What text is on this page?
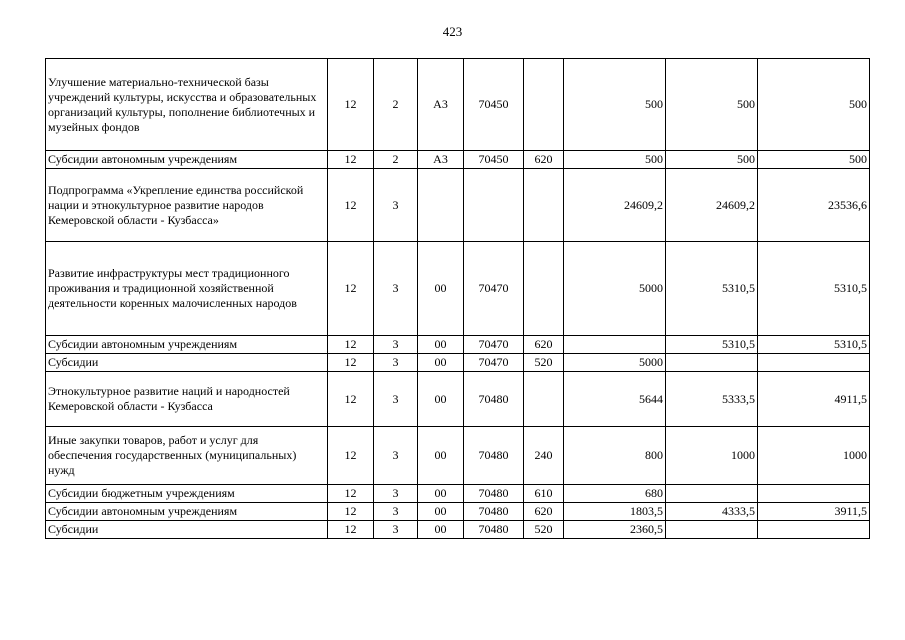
423
Улучшение материально-технической базы учреждений культуры, искусства и образовательных организаций культуры, пополнение библиотечных и музейных фондов	12	2	А3	70450		500	500	500
Субсидии автономным учреждениям	12	2	А3	70450	620	500	500	500
Подпрограмма «Укрепление единства российской нации и этнокультурное развитие народов Кемеровской области - Кузбасса»	12	3				24609,2	24609,2	23536,6
Развитие инфраструктуры мест традиционного проживания и традиционной хозяйственной деятельности коренных малочисленных народов	12	3	00	70470		5000	5310,5	5310,5
Субсидии автономным учреждениям	12	3	00	70470	620		5310,5	5310,5
Субсидии	12	3	00	70470	520	5000		
Этнокультурное развитие наций и народностей Кемеровской области - Кузбасса	12	3	00	70480		5644	5333,5	4911,5
Иные закупки товаров, работ и услуг для обеспечения государственных (муниципальных) нужд	12	3	00	70480	240	800	1000	1000
Субсидии бюджетным учреждениям	12	3	00	70480	610	680		
Субсидии автономным учреждениям	12	3	00	70480	620	1803,5	4333,5	3911,5
Субсидии	12	3	00	70480	520	2360,5		
